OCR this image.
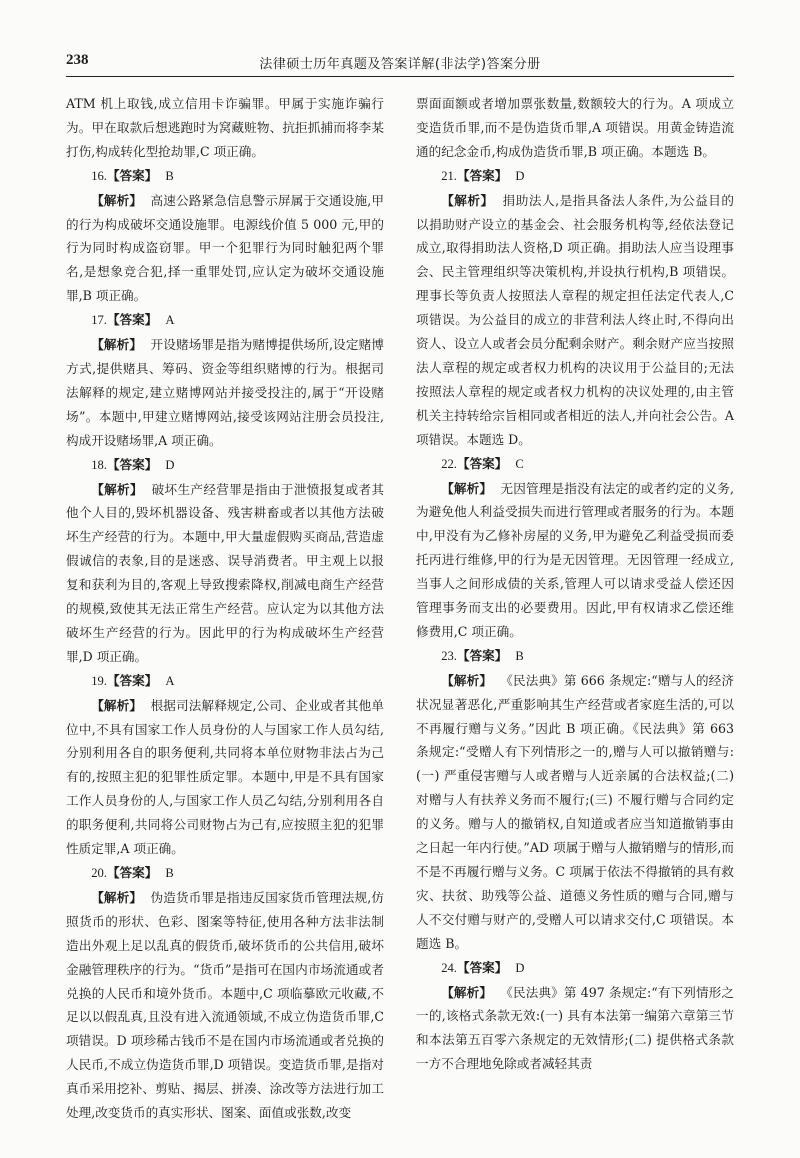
238	法律硕士历年真题及答案详解(非法学)答案分册

ATM 机上取钱,成立信用卡诈骗罪。甲属于实施诈骗行为。甲在取款后想逃跑时为窝藏赃物、抗拒抓捕而将李某打伤,构成转化型抢劫罪,C 项正确。

16.【答案】 B

【解析】 高速公路紧急信息警示屏属于交通设施,甲的行为构成破坏交通设施罪。电源线价值 5 000 元,甲的行为同时构成盗窃罪。甲一个犯罪行为同时触犯两个罪名,是想象竞合犯,择一重罪处罚,应认定为破坏交通设施罪,B 项正确。

17.【答案】 A

【解析】 开设赌场罪是指为赌博提供场所,设定赌博方式,提供赌具、筹码、资金等组织赌博的行为。根据司法解释的规定,建立赌博网站并接受投注的,属于“开设赌场”。本题中,甲建立赌博网站,接受该网站注册会员投注,构成开设赌场罪,A 项正确。

18.【答案】 D

【解析】 破坏生产经营罪是指由于泄愤报复或者其他个人目的,毁坏机器设备、残害耕畜或者以其他方法破坏生产经营的行为。本题中,甲大量虚假购买商品,营造虚假诚信的表象,目的是迷惑、误导消费者。甲主观上以报复和获利为目的,客观上导致搜索降权,削减电商生产经营的规模,致使其无法正常生产经营。应认定为以其他方法破坏生产经营的行为。因此甲的行为构成破坏生产经营罪,D 项正确。

19.【答案】 A

【解析】 根据司法解释规定,公司、企业或者其他单位中,不具有国家工作人员身份的人与国家工作人员勾结,分别利用各自的职务便利,共同将本单位财物非法占为己有的,按照主犯的犯罪性质定罪。本题中,甲是不具有国家工作人员身份的人,与国家工作人员乙勾结,分别利用各自的职务便利,共同将公司财物占为己有,应按照主犯的犯罪性质定罪,A 项正确。

20.【答案】 B

【解析】 伪造货币罪是指违反国家货币管理法规,仿照货币的形状、色彩、图案等特征,使用各种方法非法制造出外观上足以乱真的假货币,破坏货币的公共信用,破坏金融管理秩序的行为。“货币”是指可在国内市场流通或者兑换的人民币和境外货币。本题中,C 项临摹欧元收藏,不足以以假乱真,且没有进入流通领域,不成立伪造货币罪,C 项错误。D 项珍稀古钱币不是在国内市场流通或者兑换的人民币,不成立伪造货币罪,D 项错误。变造货币罪,是指对真币采用挖补、剪贴、揭层、拼凑、涂改等方法进行加工处理,改变货币的真实形状、图案、面值或张数,改变

票面面额或者增加票张数量,数额较大的行为。A 项成立变造货币罪,而不是伪造货币罪,A 项错误。用黄金铸造流通的纪念金币,构成伪造货币罪,B 项正确。本题选 B。

21.【答案】 D

【解析】 捐助法人,是指具备法人条件,为公益目的以捐助财产设立的基金会、社会服务机构等,经依法登记成立,取得捐助法人资格,D 项正确。捐助法人应当设理事会、民主管理组织等决策机构,并设执行机构,B 项错误。理事长等负责人按照法人章程的规定担任法定代表人,C 项错误。为公益目的成立的非营利法人终止时,不得向出资人、设立人或者会员分配剩余财产。剩余财产应当按照法人章程的规定或者权力机构的决议用于公益目的;无法按照法人章程的规定或者权力机构的决议处理的,由主管机关主持转给宗旨相同或者相近的法人,并向社会公告。A 项错误。本题选 D。

22.【答案】 C

【解析】 无因管理是指没有法定的或者约定的义务,为避免他人利益受损失而进行管理或者服务的行为。本题中,甲没有为乙修补房屋的义务,甲为避免乙利益受损而委托丙进行维修,甲的行为是无因管理。无因管理一经成立,当事人之间形成债的关系,管理人可以请求受益人偿还因管理事务而支出的必要费用。因此,甲有权请求乙偿还维修费用,C 项正确。

23.【答案】 B

【解析】 《民法典》第 666 条规定:“赠与人的经济状况显著恶化,严重影响其生产经营或者家庭生活的,可以不再履行赠与义务。”因此 B 项正确。《民法典》第 663 条规定:“受赠人有下列情形之一的,赠与人可以撤销赠与:(一) 严重侵害赠与人或者赠与人近亲属的合法权益;(二) 对赠与人有扶养义务而不履行;(三) 不履行赠与合同约定的义务。赠与人的撤销权,自知道或者应当知道撤销事由之日起一年内行使。”AD 项属于赠与人撤销赠与的情形,而不是不再履行赠与义务。C 项属于依法不得撤销的具有救灾、扶贫、助残等公益、道德义务性质的赠与合同,赠与人不交付赠与财产的,受赠人可以请求交付,C 项错误。本题选 B。

24.【答案】 D

【解析】 《民法典》第 497 条规定:“有下列情形之一的,该格式条款无效:(一) 具有本法第一编第六章第三节和本法第五百零六条规定的无效情形;(二) 提供格式条款一方不合理地免除或者减轻其责
